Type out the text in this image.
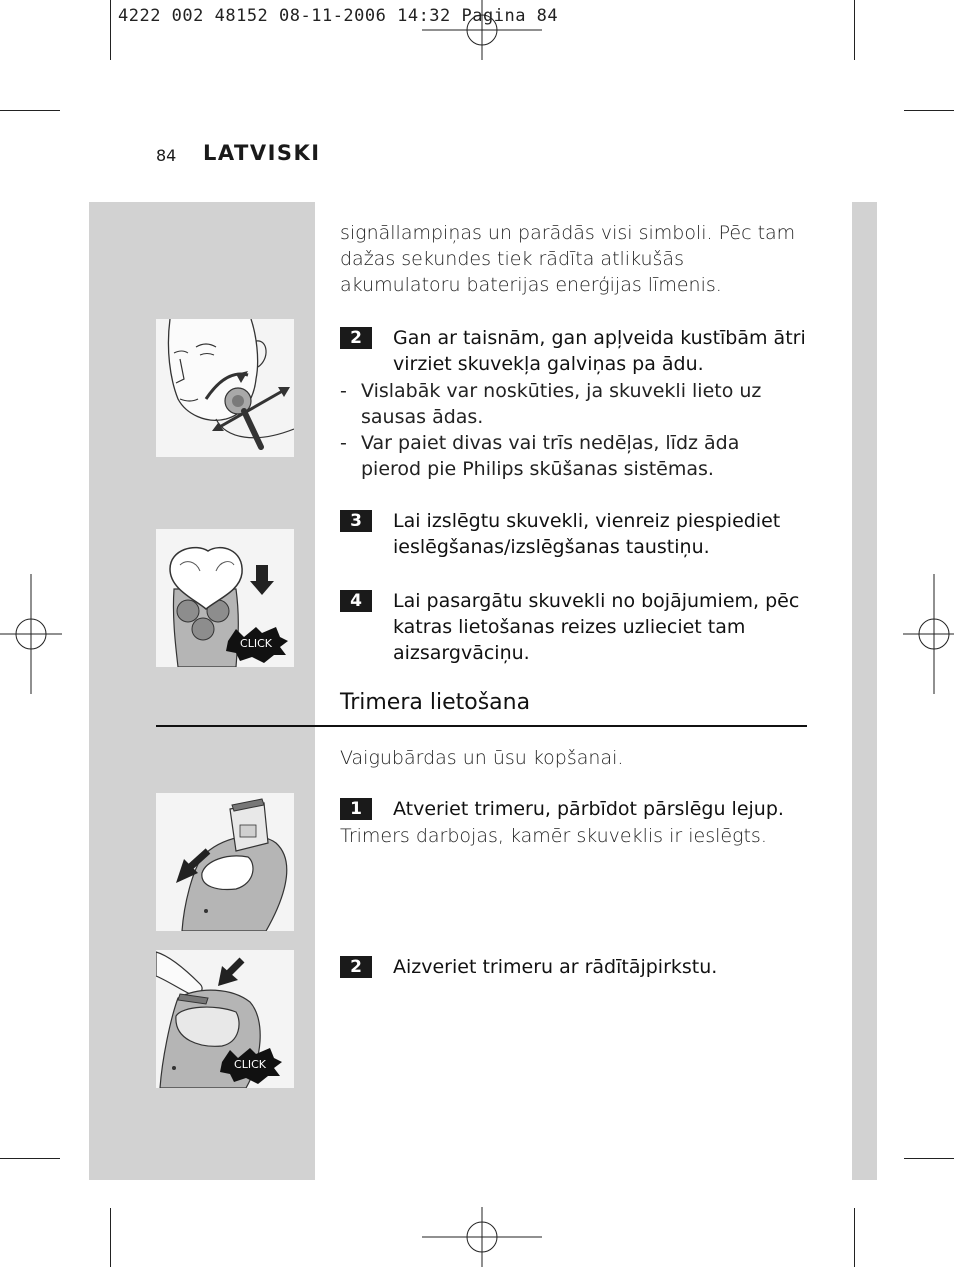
4222 002 48152 08-11-2006 14:32 Pagina 84
84 LATVISKI
CLICK
CLICK
signāllampiņas un parādās visi simboli. Pēc tam dažas sekundes tiek rādīta atlikušās akumulatoru baterijas enerģijas līmenis.
2	Gan ar taisnām, gan apļveida kustībām ātri virziet skuvekļa galviņas pa ādu.
- Vislabāk var noskūties, ja skuvekli lieto uz sausas ādas.
- Var paiet divas vai trīs nedēļas, līdz āda pierod pie Philips skūšanas sistēmas.
3	Lai izslēgtu skuvekli, vienreiz piespiediet ieslēgšanas/izslēgšanas taustiņu.
4	Lai pasargātu skuvekli no bojājumiem, pēc katras lietošanas reizes uzlieciet tam aizsargvāciņu.
Trimera lietošana
Vaigubārdas un ūsu kopšanai.
1	Atveriet trimeru, pārbīdot pārslēgu lejup.
Trimers darbojas, kamēr skuveklis ir ieslēgts.
2	Aizveriet trimeru ar rādītājpirkstu.
